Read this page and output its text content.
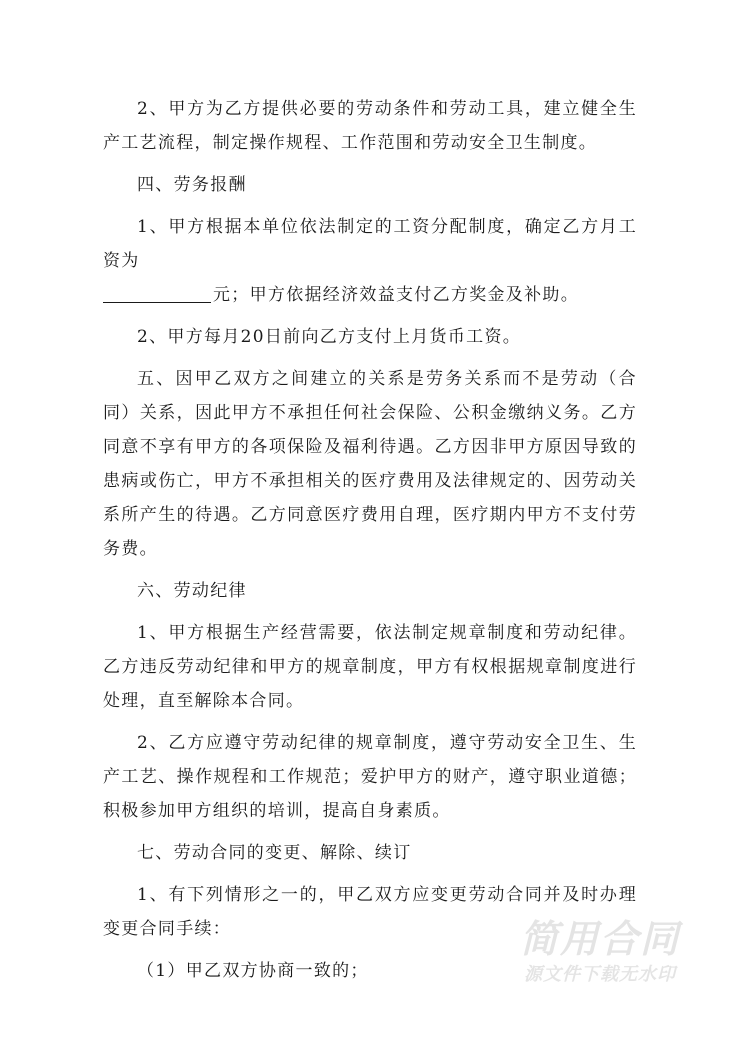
2、甲方为乙方提供必要的劳动条件和劳动工具，建立健全生产工艺流程，制定操作规程、工作范围和劳动安全卫生制度。

四、劳务报酬

1、甲方根据本单位依法制定的工资分配制度，确定乙方月工资为
元；甲方依据经济效益支付乙方奖金及补助。

2、甲方每月20日前向乙方支付上月货币工资。

五、因甲乙双方之间建立的关系是劳务关系而不是劳动（合同）关系，因此甲方不承担任何社会保险、公积金缴纳义务。乙方同意不享有甲方的各项保险及福利待遇。乙方因非甲方原因导致的患病或伤亡，甲方不承担相关的医疗费用及法律规定的、因劳动关系所产生的待遇。乙方同意医疗费用自理，医疗期内甲方不支付劳务费。

六、劳动纪律

1、甲方根据生产经营需要，依法制定规章制度和劳动纪律。乙方违反劳动纪律和甲方的规章制度，甲方有权根据规章制度进行处理，直至解除本合同。

2、乙方应遵守劳动纪律的规章制度，遵守劳动安全卫生、生产工艺、操作规程和工作规范；爱护甲方的财产，遵守职业道德；积极参加甲方组织的培训，提高自身素质。

七、劳动合同的变更、解除、续订

1、有下列情形之一的，甲乙双方应变更劳动合同并及时办理变更合同手续：

（1）甲乙双方协商一致的；

简用合同
源文件下载无水印
